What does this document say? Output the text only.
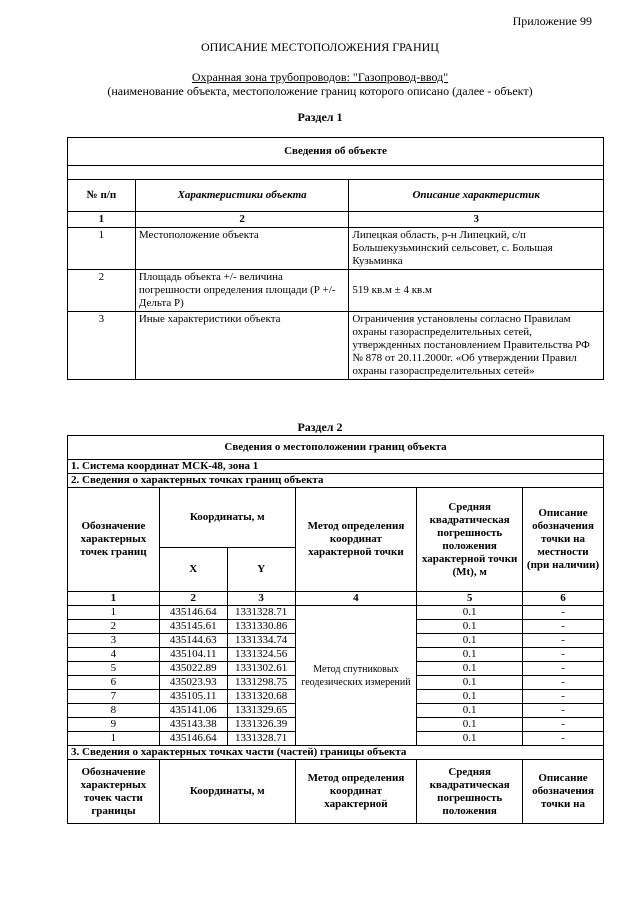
Приложение 99
ОПИСАНИЕ МЕСТОПОЛОЖЕНИЯ ГРАНИЦ
Охранная зона трубопроводов: "Газопровод-ввод"
(наименование объекта, местоположение границ которого описано (далее - объект)
Раздел 1
Сведения об объекте		

№ п/п	Характеристики объекта	Описание характеристик
1	2	3
1	Местоположение объекта	Липецкая область, р-н Липецкий, с/п Большекузьминский сельсовет, с. Большая Кузьминка
2	Площадь объекта +/- величина погрешности определения площади (Р +/- Дельта Р)	519 кв.м ± 4 кв.м
3	Иные характеристики объекта	Ограничения установлены согласно Правилам охраны газораспределительных сетей, утвержденных постановлением Правительства РФ № 878 от 20.11.2000г. «Об утверждении Правил охраны газораспределительных сетей»
Раздел 2
Сведения о местоположении границ объекта					
1. Система координат МСК-48, зона 1					
2. Сведения о характерных точках границ объекта					
Обозначение характерных точек границ	Координаты, м		Метод определения координат характерной точки	Средняя квадратическая погрешность положения характерной точки (Mt), м	Описание обозначения точки на местности (при наличии)
	X	Y			
1	2	3	4	5	6
1	435146.64	1331328.71	Метод спутниковых геодезических измерений	0.1	-
2	435145.61	1331330.86		0.1	-
3	435144.63	1331334.74		0.1	-
4	435104.11	1331324.56		0.1	-
5	435022.89	1331302.61		0.1	-
6	435023.93	1331298.75		0.1	-
7	435105.11	1331320.68		0.1	-
8	435141.06	1331329.65		0.1	-
9	435143.38	1331326.39		0.1	-
1	435146.64	1331328.71		0.1	-
3. Сведения о характерных точках части (частей) границы объекта					
Обозначение характерных точек части границы	Координаты, м		Метод определения координат характерной	Средняя квадратическая погрешность положения	Описание обозначения точки на
